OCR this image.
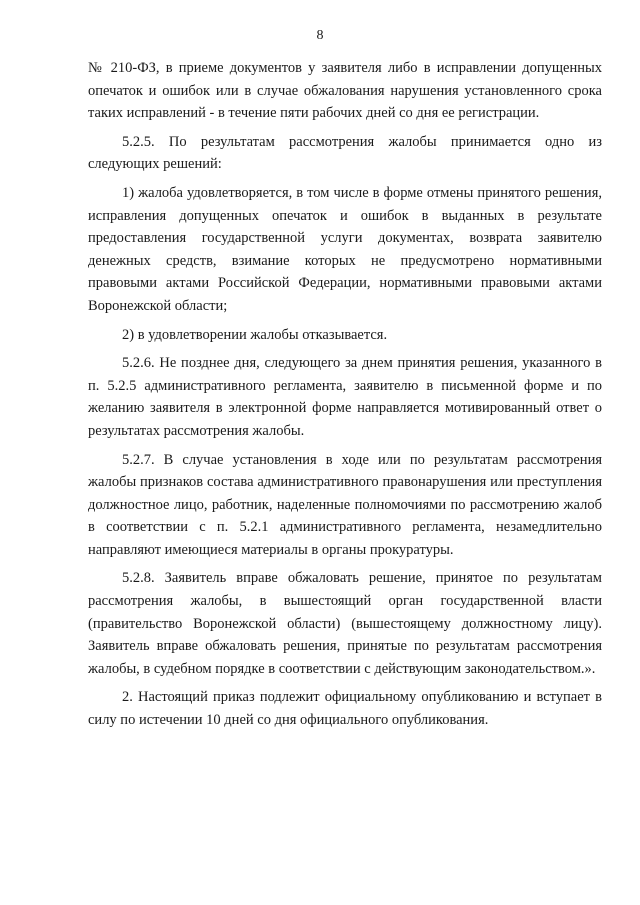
8

№ 210-ФЗ, в приеме документов у заявителя либо в исправлении допущенных опечаток и ошибок или в случае обжалования нарушения установленного срока таких исправлений - в течение пяти рабочих дней со дня ее регистрации.

5.2.5. По результатам рассмотрения жалобы принимается одно из следующих решений:

1) жалоба удовлетворяется, в том числе в форме отмены принятого решения, исправления допущенных опечаток и ошибок в выданных в результате предоставления государственной услуги документах, возврата заявителю денежных средств, взимание которых не предусмотрено нормативными правовыми актами Российской Федерации, нормативными правовыми актами Воронежской области;

2) в удовлетворении жалобы отказывается.

5.2.6. Не позднее дня, следующего за днем принятия решения, указанного в п. 5.2.5 административного регламента, заявителю в письменной форме и по желанию заявителя в электронной форме направляется мотивированный ответ о результатах рассмотрения жалобы.

5.2.7. В случае установления в ходе или по результатам рассмотрения жалобы признаков состава административного правонарушения или преступления должностное лицо, работник, наделенные полномочиями по рассмотрению жалоб в соответствии с п. 5.2.1 административного регламента, незамедлительно направляют имеющиеся материалы в органы прокуратуры.

5.2.8. Заявитель вправе обжаловать решение, принятое по результатам рассмотрения жалобы, в вышестоящий орган государственной власти (правительство Воронежской области) (вышестоящему должностному лицу). Заявитель вправе обжаловать решения, принятые по результатам рассмотрения жалобы, в судебном порядке в соответствии с действующим законодательством.».

2. Настоящий приказ подлежит официальному опубликованию и вступает в силу по истечении 10 дней со дня официального опубликования.
